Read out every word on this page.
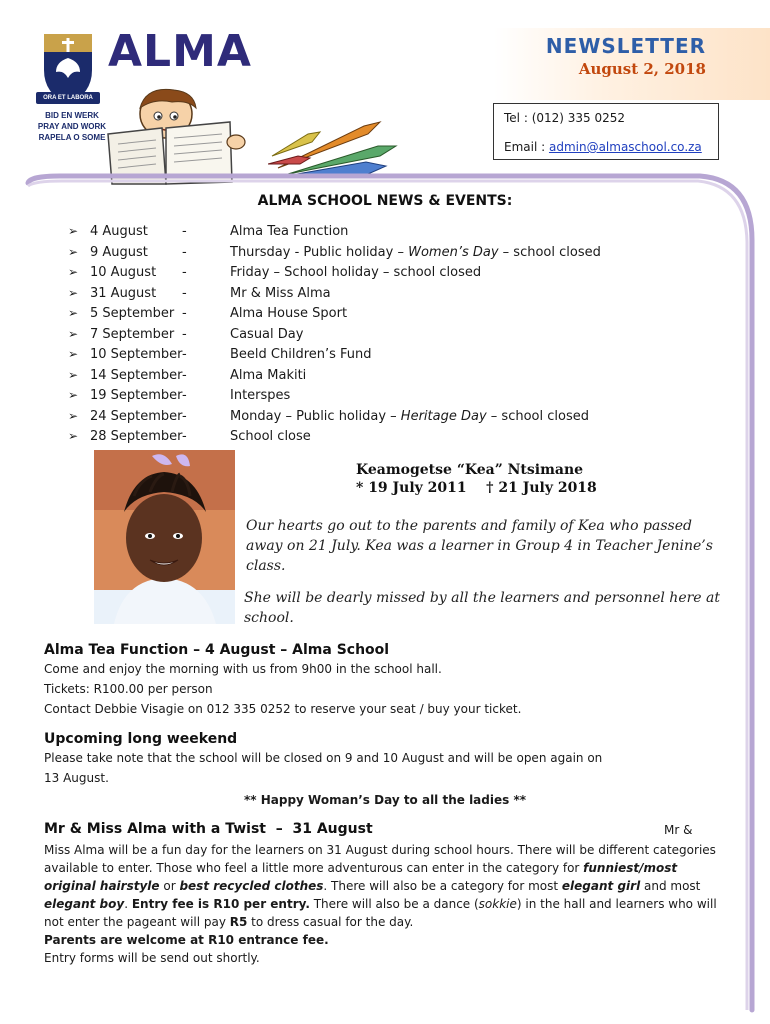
ORA ET LABORA
BID EN WERK
PRAY AND WORK
RAPELA O SOME
ALMA	NEWSLETTER
August 2, 2018
Tel : (012) 335 0252
Email : admin@almaschool.co.za
ALMA SCHOOL NEWS & EVENTS:
➢ 4 August	-	Alma Tea Function
➢ 9 August	-	Thursday - Public holiday – Women’s Day – school closed
➢ 10 August -	Friday – School holiday – school closed
➢ 31 August -	Mr & Miss Alma
➢ 5 September -	Alma House Sport
➢ 7 September -	Casual Day
➢ 10 September -	Beeld Children’s Fund
➢ 14 September -	Alma Makiti
➢ 19 September -	Interspes
➢ 24 September -	Monday – Public holiday – Heritage Day – school closed
➢ 28 September -	School close
Keamogetse “Kea” Ntsimane
* 19 July 2011    † 21 July 2018
Our hearts go out to the parents and family of Kea who passed away on 21 July. Kea was a learner in Group 4 in Teacher Jenine’s class.
She will be dearly missed by all the learners and personnel here at school.
Alma Tea Function – 4 August – Alma School
Come and enjoy the morning with us from 9h00 in the school hall.
Tickets: R100.00 per person
Contact Debbie Visagie on 012 335 0252 to reserve your seat / buy your ticket.
Upcoming long weekend
Please take note that the school will be closed on 9 and 10 August and will be open again on
13 August.
** Happy Woman’s Day to all the ladies **
Mr & Miss Alma with a Twist  –  31 August	Mr &
Miss Alma will be a fun day for the learners on 31 August during school hours. There will be different categories available to enter. Those who feel a little more adventurous can enter in the category for funniest/most original hairstyle or best recycled clothes. There will also be a category for most elegant girl and most elegant boy. Entry fee is R10 per entry. There will also be a dance (sokkie) in the hall and learners who will not enter the pageant will pay R5 to dress casual for the day.
Parents are welcome at R10 entrance fee.
Entry forms will be send out shortly.
